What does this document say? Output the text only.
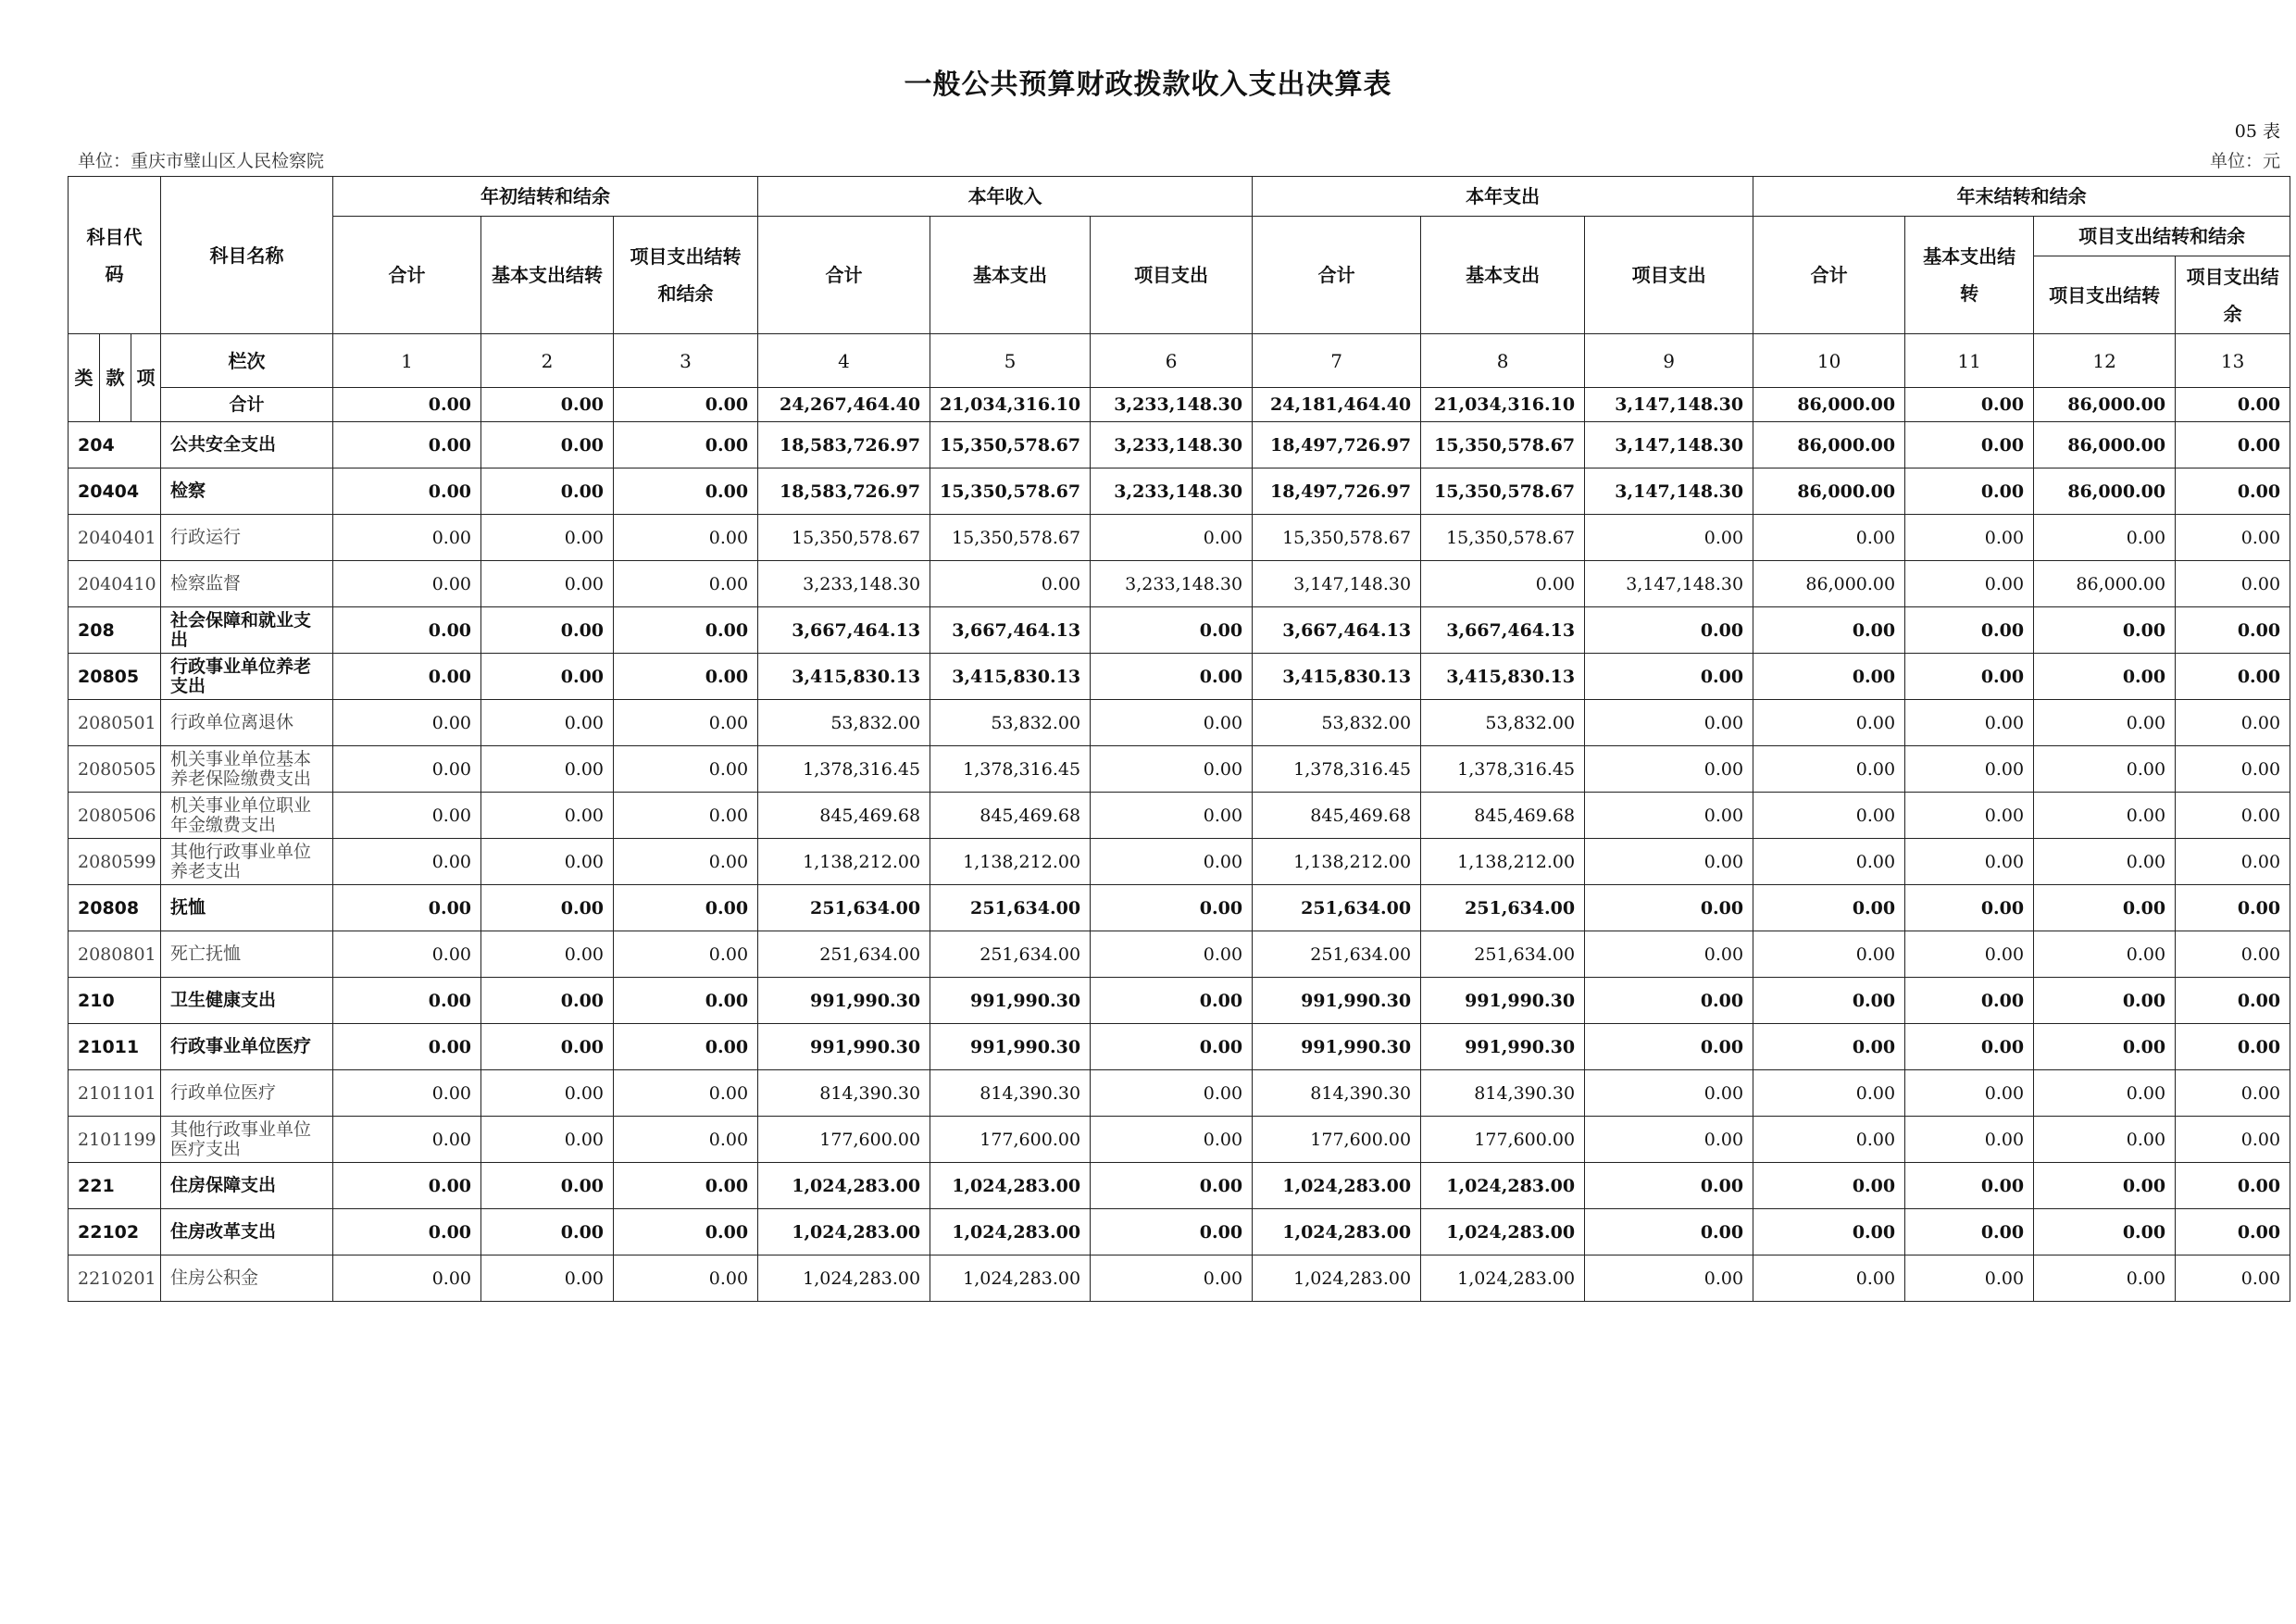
一般公共预算财政拨款收入支出决算表
05 表
单位：重庆市璧山区人民检察院	单位：元
科目代码			科目名称	年初结转和结余			本年收入			本年支出			年末结转和结余			
				合计	基本支出结转	项目支出结转和结余	合计	基本支出	项目支出	合计	基本支出	项目支出	合计	基本支出结转	项目支出结转和结余	
															项目支出结转	项目支出结余
类	款	项	栏次	1	2	3	4	5	6	7	8	9	10	11	12	13
			合计	0.00	0.00	0.00	24,267,464.40	21,034,316.10	3,233,148.30	24,181,464.40	21,034,316.10	3,147,148.30	86,000.00	0.00	86,000.00	0.00
204			公共安全支出	0.00	0.00	0.00	18,583,726.97	15,350,578.67	3,233,148.30	18,497,726.97	15,350,578.67	3,147,148.30	86,000.00	0.00	86,000.00	0.00
20404			检察	0.00	0.00	0.00	18,583,726.97	15,350,578.67	3,233,148.30	18,497,726.97	15,350,578.67	3,147,148.30	86,000.00	0.00	86,000.00	0.00
2040401			行政运行	0.00	0.00	0.00	15,350,578.67	15,350,578.67	0.00	15,350,578.67	15,350,578.67	0.00	0.00	0.00	0.00	0.00
2040410			检察监督	0.00	0.00	0.00	3,233,148.30	0.00	3,233,148.30	3,147,148.30	0.00	3,147,148.30	86,000.00	0.00	86,000.00	0.00
208			社会保障和就业支出	0.00	0.00	0.00	3,667,464.13	3,667,464.13	0.00	3,667,464.13	3,667,464.13	0.00	0.00	0.00	0.00	0.00
20805			行政事业单位养老支出	0.00	0.00	0.00	3,415,830.13	3,415,830.13	0.00	3,415,830.13	3,415,830.13	0.00	0.00	0.00	0.00	0.00
2080501			行政单位离退休	0.00	0.00	0.00	53,832.00	53,832.00	0.00	53,832.00	53,832.00	0.00	0.00	0.00	0.00	0.00
2080505			机关事业单位基本养老保险缴费支出	0.00	0.00	0.00	1,378,316.45	1,378,316.45	0.00	1,378,316.45	1,378,316.45	0.00	0.00	0.00	0.00	0.00
2080506			机关事业单位职业年金缴费支出	0.00	0.00	0.00	845,469.68	845,469.68	0.00	845,469.68	845,469.68	0.00	0.00	0.00	0.00	0.00
2080599			其他行政事业单位养老支出	0.00	0.00	0.00	1,138,212.00	1,138,212.00	0.00	1,138,212.00	1,138,212.00	0.00	0.00	0.00	0.00	0.00
20808			抚恤	0.00	0.00	0.00	251,634.00	251,634.00	0.00	251,634.00	251,634.00	0.00	0.00	0.00	0.00	0.00
2080801			死亡抚恤	0.00	0.00	0.00	251,634.00	251,634.00	0.00	251,634.00	251,634.00	0.00	0.00	0.00	0.00	0.00
210			卫生健康支出	0.00	0.00	0.00	991,990.30	991,990.30	0.00	991,990.30	991,990.30	0.00	0.00	0.00	0.00	0.00
21011			行政事业单位医疗	0.00	0.00	0.00	991,990.30	991,990.30	0.00	991,990.30	991,990.30	0.00	0.00	0.00	0.00	0.00
2101101			行政单位医疗	0.00	0.00	0.00	814,390.30	814,390.30	0.00	814,390.30	814,390.30	0.00	0.00	0.00	0.00	0.00
2101199			其他行政事业单位医疗支出	0.00	0.00	0.00	177,600.00	177,600.00	0.00	177,600.00	177,600.00	0.00	0.00	0.00	0.00	0.00
221			住房保障支出	0.00	0.00	0.00	1,024,283.00	1,024,283.00	0.00	1,024,283.00	1,024,283.00	0.00	0.00	0.00	0.00	0.00
22102			住房改革支出	0.00	0.00	0.00	1,024,283.00	1,024,283.00	0.00	1,024,283.00	1,024,283.00	0.00	0.00	0.00	0.00	0.00
2210201			住房公积金	0.00	0.00	0.00	1,024,283.00	1,024,283.00	0.00	1,024,283.00	1,024,283.00	0.00	0.00	0.00	0.00	0.00
